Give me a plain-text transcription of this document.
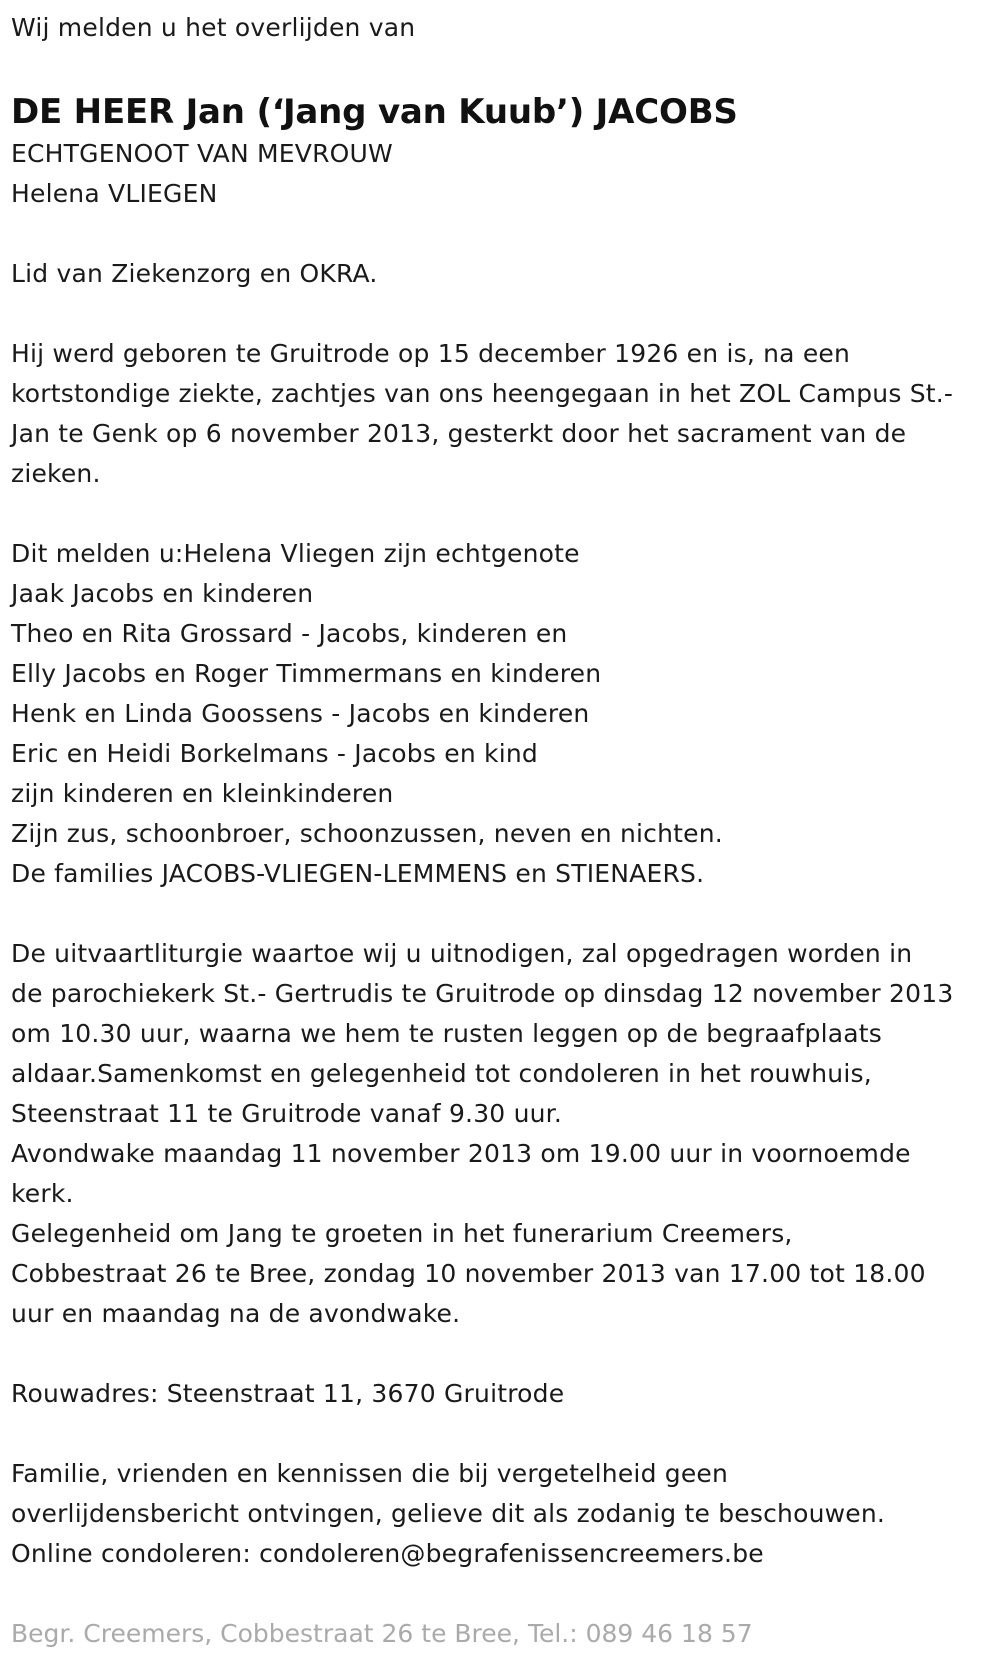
Wij melden u het overlijden van
DE HEER Jan (‘Jang van Kuub’) JACOBS
ECHTGENOOT VAN MEVROUW
Helena VLIEGEN
Lid van Ziekenzorg en OKRA.
Hij werd geboren te Gruitrode op 15 december 1926 en is, na een
kortstondige ziekte, zachtjes van ons heengegaan in het ZOL Campus St.-
Jan te Genk op 6 november 2013, gesterkt door het sacrament van de
zieken.
Dit melden u:Helena Vliegen zijn echtgenote
Jaak Jacobs en kinderen
Theo en Rita Grossard - Jacobs, kinderen en
Elly Jacobs en Roger Timmermans en kinderen
Henk en Linda Goossens - Jacobs en kinderen
Eric en Heidi Borkelmans - Jacobs en kind
zijn kinderen en kleinkinderen
Zijn zus, schoonbroer, schoonzussen, neven en nichten.
De families JACOBS-VLIEGEN-LEMMENS en STIENAERS.
De uitvaartliturgie waartoe wij u uitnodigen, zal opgedragen worden in
de parochiekerk St.- Gertrudis te Gruitrode op dinsdag 12 november 2013
om 10.30 uur, waarna we hem te rusten leggen op de begraafplaats
aldaar.Samenkomst en gelegenheid tot condoleren in het rouwhuis,
Steenstraat 11 te Gruitrode vanaf 9.30 uur.
Avondwake maandag 11 november 2013 om 19.00 uur in voornoemde
kerk.
Gelegenheid om Jang te groeten in het funerarium Creemers,
Cobbestraat 26 te Bree, zondag 10 november 2013 van 17.00 tot 18.00
uur en maandag na de avondwake.
Rouwadres: Steenstraat 11, 3670 Gruitrode
Familie, vrienden en kennissen die bij vergetelheid geen
overlijdensbericht ontvingen, gelieve dit als zodanig te beschouwen.
Online condoleren: condoleren@begrafenissencreemers.be
Begr. Creemers, Cobbestraat 26 te Bree, Tel.: 089 46 18 57
